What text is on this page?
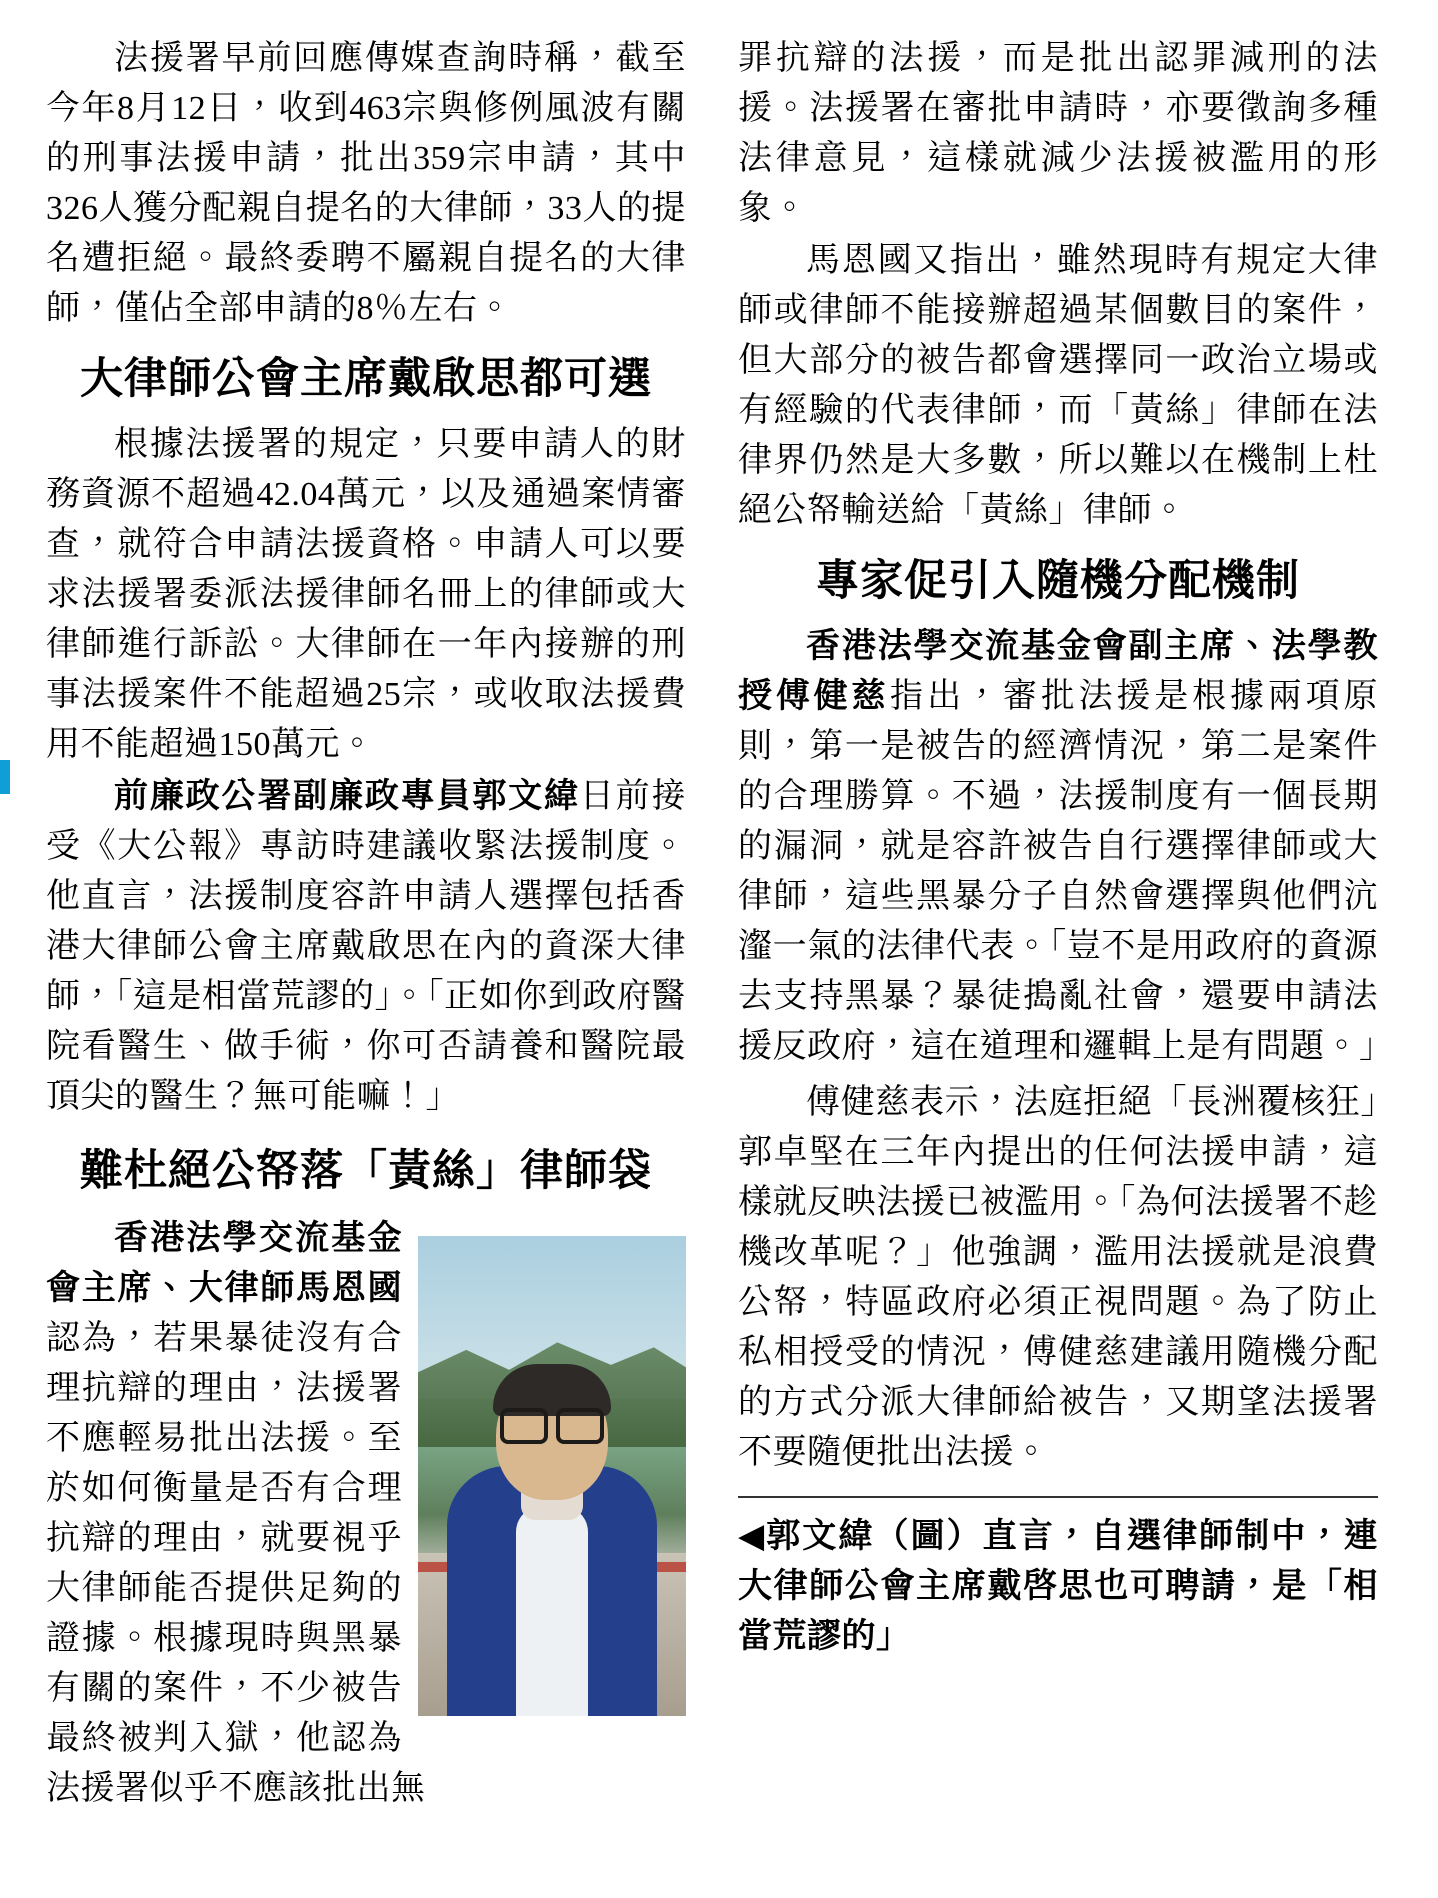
法援署早前回應傳媒查詢時稱，截至今年8月12日，收到463宗與修例風波有關的刑事法援申請，批出359宗申請，其中326人獲分配親自提名的大律師，33人的提名遭拒絕。最終委聘不屬親自提名的大律師，僅佔全部申請的8％左右。

大律師公會主席戴啟思都可選

根據法援署的規定，只要申請人的財務資源不超過42.04萬元，以及通過案情審查，就符合申請法援資格。申請人可以要求法援署委派法援律師名冊上的律師或大律師進行訴訟。大律師在一年內接辦的刑事法援案件不能超過25宗，或收取法援費用不能超過150萬元。

前廉政公署副廉政專員郭文緯日前接受《大公報》專訪時建議收緊法援制度。他直言，法援制度容許申請人選擇包括香港大律師公會主席戴啟思在內的資深大律師，「這是相當荒謬的」。「正如你到政府醫院看醫生、做手術，你可否請養和醫院最頂尖的醫生？無可能嘛！」

難杜絕公帑落「黃絲」律師袋

香港法學交流基金會主席、大律師馬恩國認為，若果暴徒沒有合理抗辯的理由，法援署不應輕易批出法援。至於如何衡量是否有合理抗辯的理由，就要視乎大律師能否提供足夠的證據。根據現時與黑暴有關的案件，不少被告最終被判入獄，他認為法援署似乎不應該批出無

罪抗辯的法援，而是批出認罪減刑的法援。法援署在審批申請時，亦要徵詢多種法律意見，這樣就減少法援被濫用的形象。

馬恩國又指出，雖然現時有規定大律師或律師不能接辦超過某個數目的案件，但大部分的被告都會選擇同一政治立場或有經驗的代表律師，而「黃絲」律師在法律界仍然是大多數，所以難以在機制上杜絕公帑輸送給「黃絲」律師。

專家促引入隨機分配機制

香港法學交流基金會副主席、法學教授傅健慈指出，審批法援是根據兩項原則，第一是被告的經濟情況，第二是案件的合理勝算。不過，法援制度有一個長期的漏洞，就是容許被告自行選擇律師或大律師，這些黑暴分子自然會選擇與他們沆瀣一氣的法律代表。「豈不是用政府的資源去支持黑暴？暴徒搗亂社會，還要申請法援反政府，這在道理和邏輯上是有問題。」

傅健慈表示，法庭拒絕「長洲覆核狂」郭卓堅在三年內提出的任何法援申請，這樣就反映法援已被濫用。「為何法援署不趁機改革呢？」他強調，濫用法援就是浪費公帑，特區政府必須正視問題。為了防止私相授受的情況，傅健慈建議用隨機分配的方式分派大律師給被告，又期望法援署不要隨便批出法援。

◀郭文緯（圖）直言，自選律師制中，連大律師公會主席戴啓思也可聘請，是「相當荒謬的」
